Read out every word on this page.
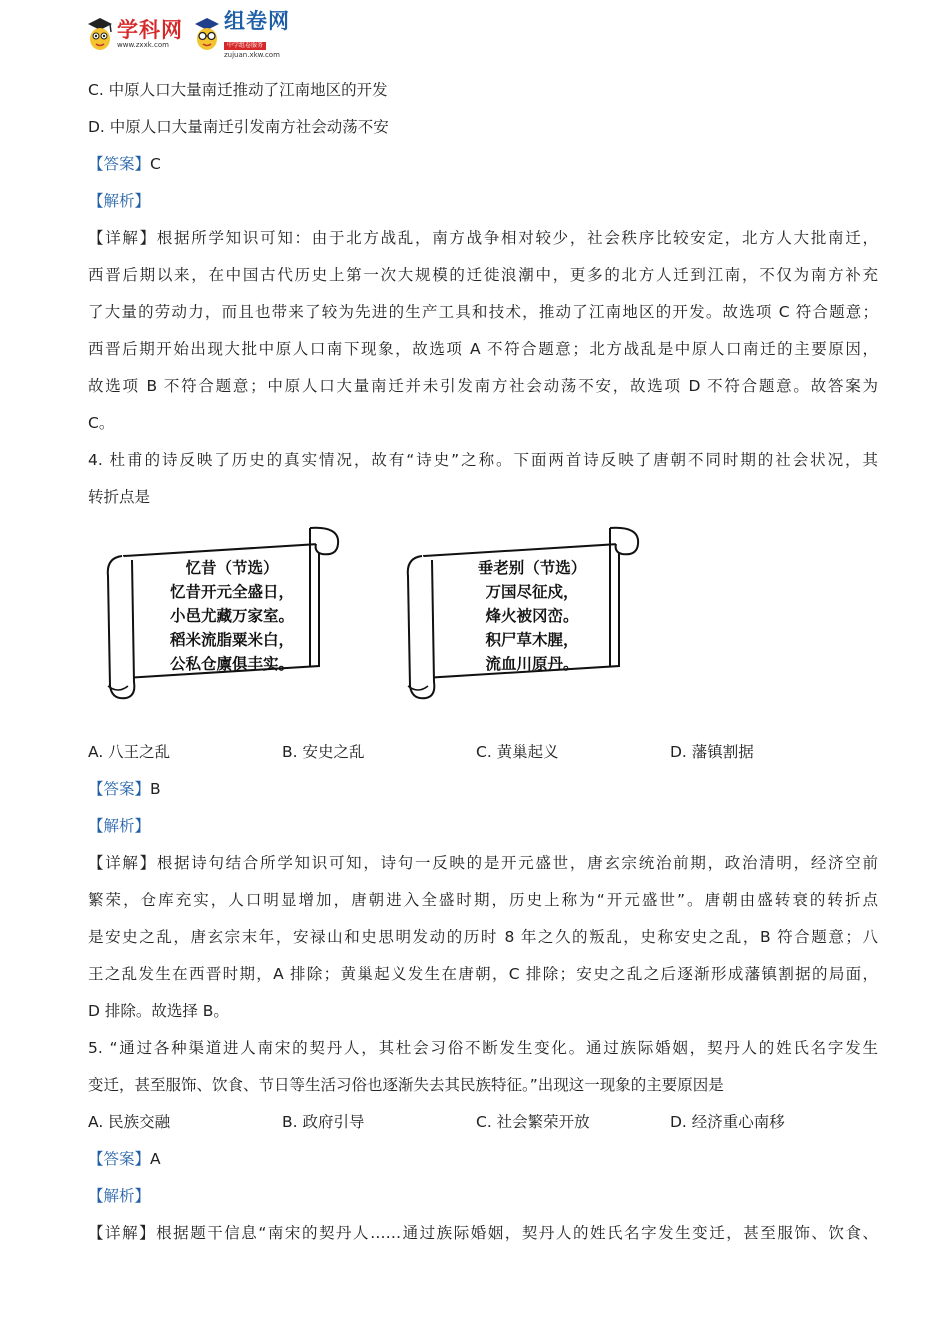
学科网
www.zxxk.com
组卷网
中学组卷服务
zujuan.xkw.com
C. 中原人口大量南迁推动了江南地区的开发
D. 中原人口大量南迁引发南方社会动荡不安
【答案】C
【解析】
【详解】根据所学知识可知：由于北方战乱，南方战争相对较少，社会秩序比较安定，北方人大批南迁，
西晋后期以来，在中国古代历史上第一次大规模的迁徙浪潮中，更多的北方人迁到江南，不仅为南方补充
了大量的劳动力，而且也带来了较为先进的生产工具和技术，推动了江南地区的开发。故选项 C 符合题意；
西晋后期开始出现大批中原人口南下现象，故选项 A 不符合题意；北方战乱是中原人口南迁的主要原因，
故选项 B 不符合题意；中原人口大量南迁并未引发南方社会动荡不安，故选项 D 不符合题意。故答案为
C。
4. 杜甫的诗反映了历史的真实情况，故有“诗史”之称。下面两首诗反映了唐朝不同时期的社会状况，其
转折点是
忆昔（节选）
忆昔开元全盛日，
小邑尤藏万家室。
稻米流脂粟米白，
公私仓廪俱丰实。
垂老别（节选）
万国尽征戍，
烽火被冈峦。
积尸草木腥，
流血川原丹。
A. 八王之乱	B. 安史之乱	C. 黄巢起义	D. 藩镇割据
【答案】B
【解析】
【详解】根据诗句结合所学知识可知，诗句一反映的是开元盛世，唐玄宗统治前期，政治清明，经济空前
繁荣，仓库充实，人口明显增加，唐朝进入全盛时期，历史上称为“开元盛世”。唐朝由盛转衰的转折点
是安史之乱，唐玄宗末年，安禄山和史思明发动的历时 8 年之久的叛乱，史称安史之乱，B 符合题意；八
王之乱发生在西晋时期，A 排除；黄巢起义发生在唐朝，C 排除；安史之乱之后逐渐形成藩镇割据的局面，
D 排除。故选择 B。
5. “通过各种渠道进人南宋的契丹人，其杜会习俗不断发生变化。通过族际婚姻，契丹人的姓氏名字发生
变迁，甚至服饰、饮食、节日等生活习俗也逐渐失去其民族特征。”出现这一现象的主要原因是
A. 民族交融	B. 政府引导	C. 社会繁荣开放	D. 经济重心南移
【答案】A
【解析】
【详解】根据题干信息“南宋的契丹人……通过族际婚姻，契丹人的姓氏名字发生变迁，甚至服饰、饮食、
